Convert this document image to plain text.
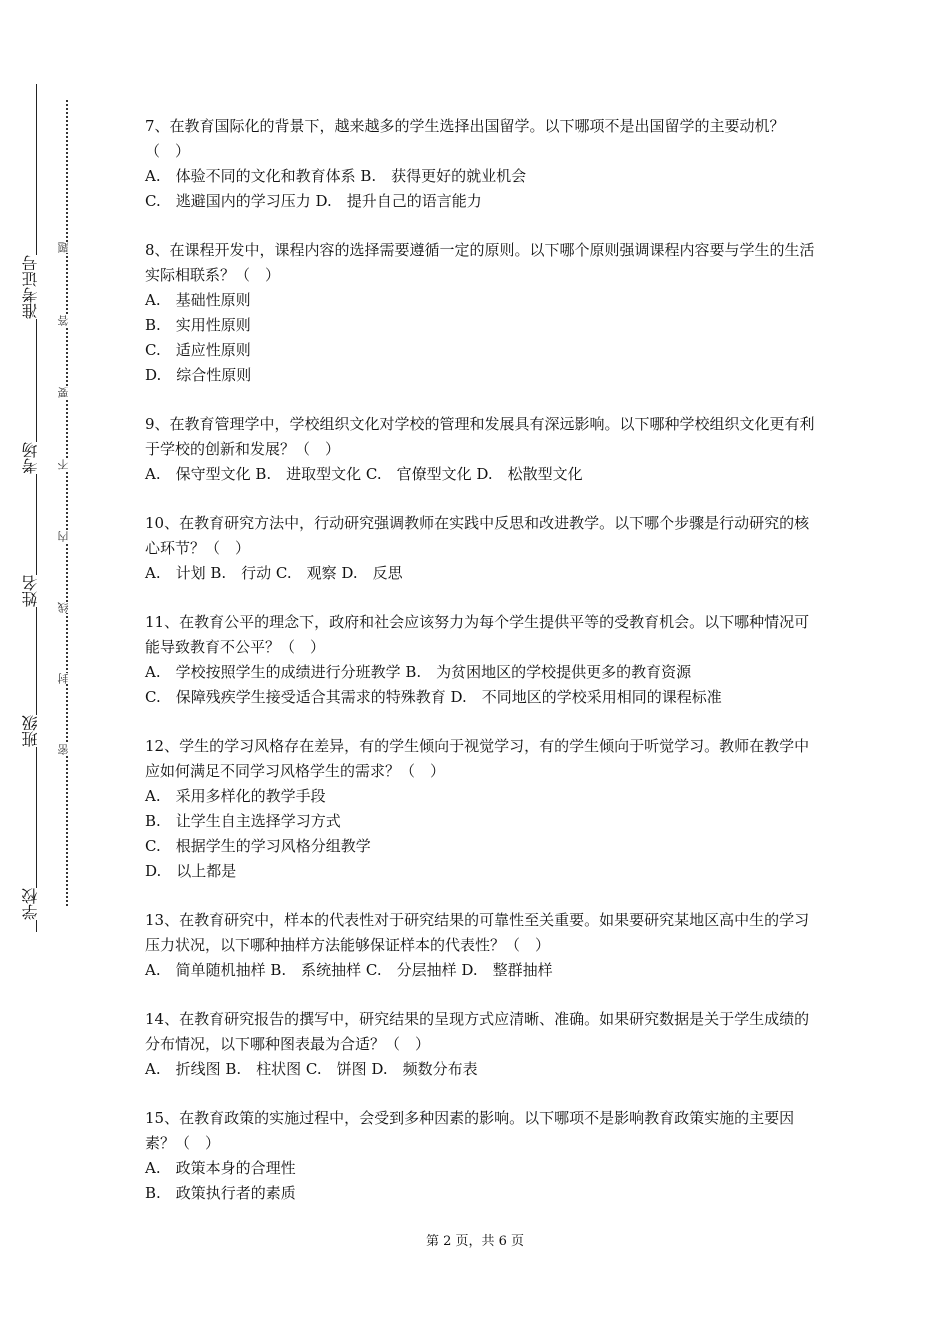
准考证号
考场
姓名
班级
学校
题
答
要
不
内
线
封
密
7、在教育国际化的背景下，越来越多的学生选择出国留学。以下哪项不是出国留学的主要动机？（　）
A.　体验不同的文化和教育体系 B.　获得更好的就业机会
C.　逃避国内的学习压力 D.　提升自己的语言能力
8、在课程开发中，课程内容的选择需要遵循一定的原则。以下哪个原则强调课程内容要与学生的生活实际相联系？（　）
A.　基础性原则
B.　实用性原则
C.　适应性原则
D.　综合性原则
9、在教育管理学中，学校组织文化对学校的管理和发展具有深远影响。以下哪种学校组织文化更有利于学校的创新和发展？（　）
A.　保守型文化 B.　进取型文化 C.　官僚型文化 D.　松散型文化
10、在教育研究方法中，行动研究强调教师在实践中反思和改进教学。以下哪个步骤是行动研究的核心环节？（　）
A.　计划 B.　行动 C.　观察 D.　反思
11、在教育公平的理念下，政府和社会应该努力为每个学生提供平等的受教育机会。以下哪种情况可能导致教育不公平？（　）
A.　学校按照学生的成绩进行分班教学 B.　为贫困地区的学校提供更多的教育资源
C.　保障残疾学生接受适合其需求的特殊教育 D.　不同地区的学校采用相同的课程标准
12、学生的学习风格存在差异，有的学生倾向于视觉学习，有的学生倾向于听觉学习。教师在教学中应如何满足不同学习风格学生的需求？（　）
A.　采用多样化的教学手段
B.　让学生自主选择学习方式
C.　根据学生的学习风格分组教学
D.　以上都是
13、在教育研究中，样本的代表性对于研究结果的可靠性至关重要。如果要研究某地区高中生的学习压力状况，以下哪种抽样方法能够保证样本的代表性？（　）
A.　简单随机抽样 B.　系统抽样 C.　分层抽样 D.　整群抽样
14、在教育研究报告的撰写中，研究结果的呈现方式应清晰、准确。如果研究数据是关于学生成绩的分布情况，以下哪种图表最为合适？（　）
A.　折线图 B.　柱状图 C.　饼图 D.　频数分布表
15、在教育政策的实施过程中，会受到多种因素的影响。以下哪项不是影响教育政策实施的主要因素？（　）
A.　政策本身的合理性
B.　政策执行者的素质
第 2 页，共 6 页
